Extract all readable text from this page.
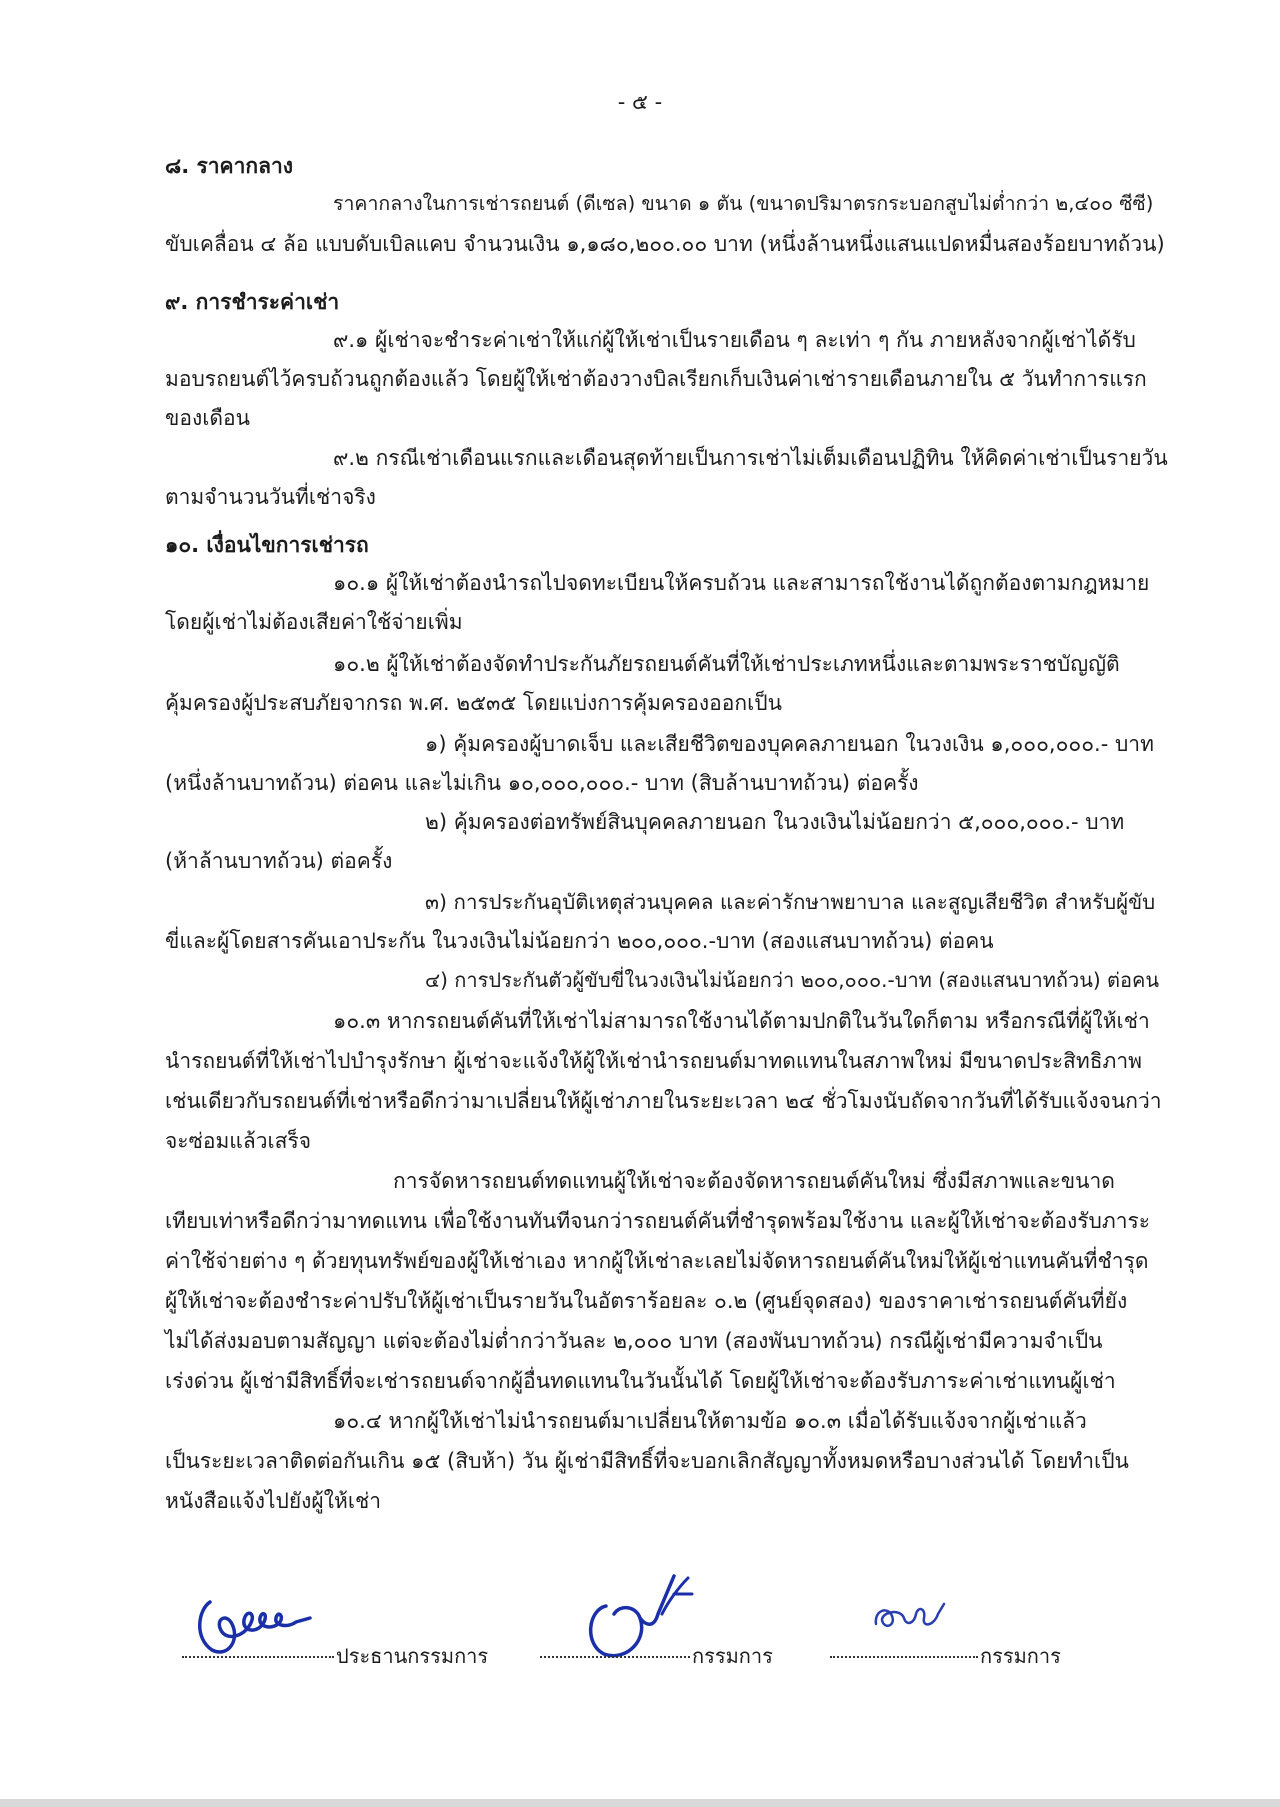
- ๕ -
๘. ราคากลาง
ราคากลางในการเช่ารถยนต์ (ดีเซล) ขนาด ๑ ตัน (ขนาดปริมาตรกระบอกสูบไม่ต่ำกว่า ๒,๔๐๐ ซีซี)
ขับเคลื่อน ๔ ล้อ แบบดับเบิลแคบ จำนวนเงิน ๑,๑๘๐,๒๐๐.๐๐ บาท (หนึ่งล้านหนึ่งแสนแปดหมื่นสองร้อยบาทถ้วน)
๙. การชำระค่าเช่า
๙.๑ ผู้เช่าจะชำระค่าเช่าให้แก่ผู้ให้เช่าเป็นรายเดือน ๆ ละเท่า ๆ กัน ภายหลังจากผู้เช่าได้รับ
มอบรถยนต์ไว้ครบถ้วนถูกต้องแล้ว โดยผู้ให้เช่าต้องวางบิลเรียกเก็บเงินค่าเช่ารายเดือนภายใน ๕ วันทำการแรก
ของเดือน
๙.๒ กรณีเช่าเดือนแรกและเดือนสุดท้ายเป็นการเช่าไม่เต็มเดือนปฏิทิน ให้คิดค่าเช่าเป็นรายวัน
ตามจำนวนวันที่เช่าจริง
๑๐. เงื่อนไขการเช่ารถ
๑๐.๑ ผู้ให้เช่าต้องนำรถไปจดทะเบียนให้ครบถ้วน และสามารถใช้งานได้ถูกต้องตามกฎหมาย
โดยผู้เช่าไม่ต้องเสียค่าใช้จ่ายเพิ่ม
๑๐.๒ ผู้ให้เช่าต้องจัดทำประกันภัยรถยนต์คันที่ให้เช่าประเภทหนึ่งและตามพระราชบัญญัติ
คุ้มครองผู้ประสบภัยจากรถ พ.ศ. ๒๕๓๕ โดยแบ่งการคุ้มครองออกเป็น
๑) คุ้มครองผู้บาดเจ็บ และเสียชีวิตของบุคคลภายนอก ในวงเงิน ๑,๐๐๐,๐๐๐.- บาท
(หนึ่งล้านบาทถ้วน) ต่อคน และไม่เกิน ๑๐,๐๐๐,๐๐๐.- บาท (สิบล้านบาทถ้วน) ต่อครั้ง
๒) คุ้มครองต่อทรัพย์สินบุคคลภายนอก ในวงเงินไม่น้อยกว่า ๕,๐๐๐,๐๐๐.- บาท
(ห้าล้านบาทถ้วน) ต่อครั้ง
๓) การประกันอุบัติเหตุส่วนบุคคล และค่ารักษาพยาบาล และสูญเสียชีวิต สำหรับผู้ขับ
ขี่และผู้โดยสารคันเอาประกัน ในวงเงินไม่น้อยกว่า ๒๐๐,๐๐๐.-บาท (สองแสนบาทถ้วน) ต่อคน
๔) การประกันตัวผู้ขับขี่ในวงเงินไม่น้อยกว่า ๒๐๐,๐๐๐.-บาท (สองแสนบาทถ้วน) ต่อคน
๑๐.๓ หากรถยนต์คันที่ให้เช่าไม่สามารถใช้งานได้ตามปกติในวันใดก็ตาม หรือกรณีที่ผู้ให้เช่า
นำรถยนต์ที่ให้เช่าไปบำรุงรักษา ผู้เช่าจะแจ้งให้ผู้ให้เช่านำรถยนต์มาทดแทนในสภาพใหม่ มีขนาดประสิทธิภาพ
เช่นเดียวกับรถยนต์ที่เช่าหรือดีกว่ามาเปลี่ยนให้ผู้เช่าภายในระยะเวลา ๒๔ ชั่วโมงนับถัดจากวันที่ได้รับแจ้งจนกว่า
จะซ่อมแล้วเสร็จ
การจัดหารถยนต์ทดแทนผู้ให้เช่าจะต้องจัดหารถยนต์คันใหม่ ซึ่งมีสภาพและขนาด
เทียบเท่าหรือดีกว่ามาทดแทน เพื่อใช้งานทันทีจนกว่ารถยนต์คันที่ชำรุดพร้อมใช้งาน และผู้ให้เช่าจะต้องรับภาระ
ค่าใช้จ่ายต่าง ๆ ด้วยทุนทรัพย์ของผู้ให้เช่าเอง หากผู้ให้เช่าละเลยไม่จัดหารถยนต์คันใหม่ให้ผู้เช่าแทนคันที่ชำรุด
ผู้ให้เช่าจะต้องชำระค่าปรับให้ผู้เช่าเป็นรายวันในอัตราร้อยละ ๐.๒ (ศูนย์จุดสอง) ของราคาเช่ารถยนต์คันที่ยัง
ไม่ได้ส่งมอบตามสัญญา แต่จะต้องไม่ต่ำกว่าวันละ ๒,๐๐๐ บาท (สองพันบาทถ้วน) กรณีผู้เช่ามีความจำเป็น
เร่งด่วน ผู้เช่ามีสิทธิ์ที่จะเช่ารถยนต์จากผู้อื่นทดแทนในวันนั้นได้ โดยผู้ให้เช่าจะต้องรับภาระค่าเช่าแทนผู้เช่า
๑๐.๔ หากผู้ให้เช่าไม่นำรถยนต์มาเปลี่ยนให้ตามข้อ ๑๐.๓ เมื่อได้รับแจ้งจากผู้เช่าแล้ว
เป็นระยะเวลาติดต่อกันเกิน ๑๕ (สิบห้า) วัน ผู้เช่ามีสิทธิ์ที่จะบอกเลิกสัญญาทั้งหมดหรือบางส่วนได้ โดยทำเป็น
หนังสือแจ้งไปยังผู้ให้เช่า
ประธานกรรมการ	กรรมการ	กรรมการ
